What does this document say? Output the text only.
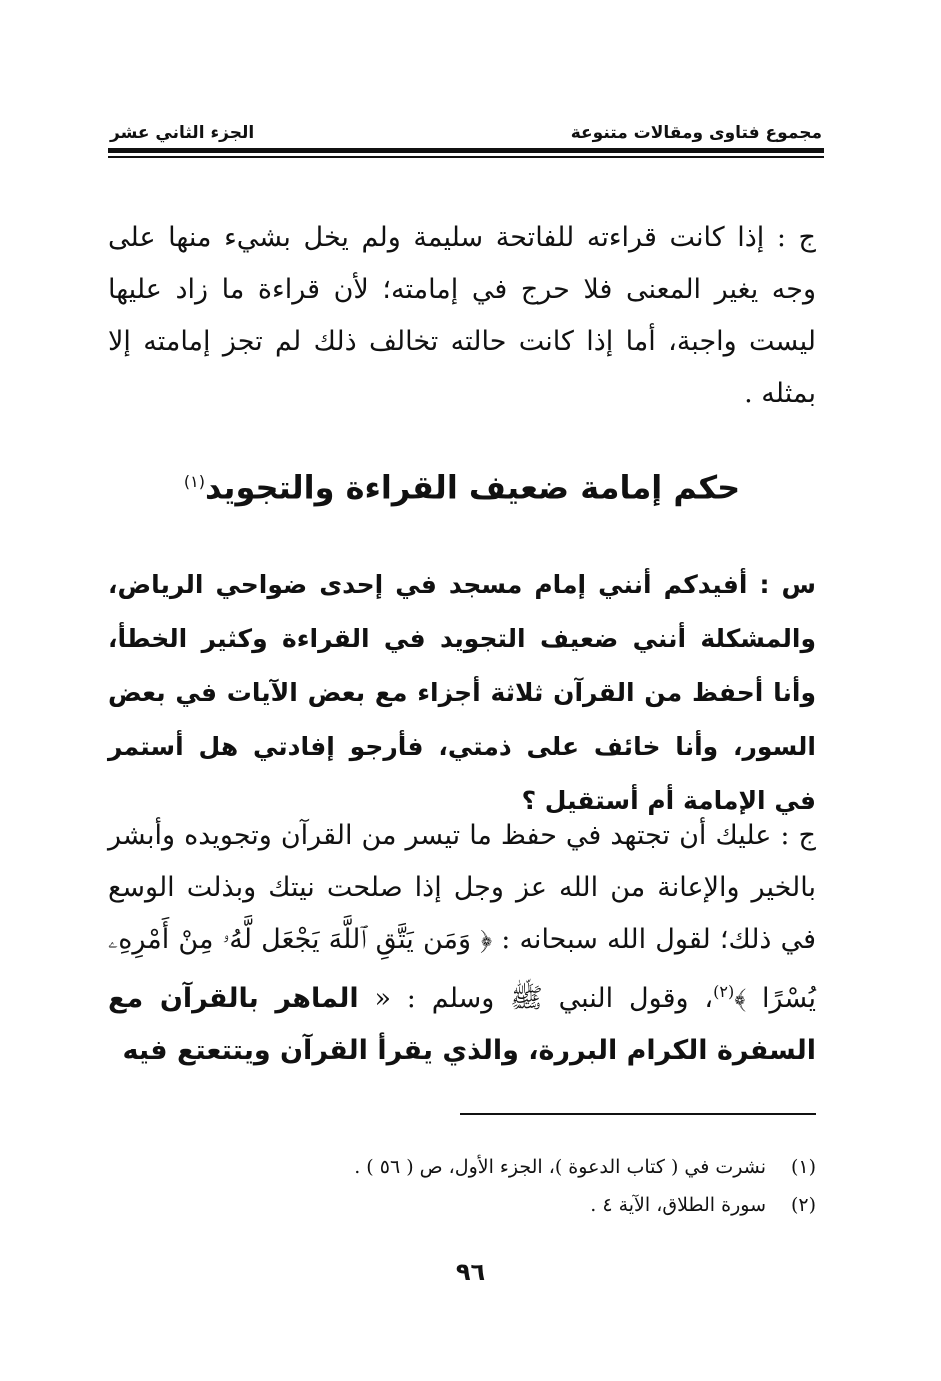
مجموع فتاوى ومقالات متنوعة
الجزء الثاني عشر
ج : إذا كانت قراءته للفاتحة سليمة ولم يخل بشيء منها على وجه يغير المعنى فلا حرج في إمامته؛ لأن قراءة ما زاد عليها ليست واجبة، أما إذا كانت حالته تخالف ذلك لم تجز إمامته إلا بمثله .
حكم إمامة ضعيف القراءة والتجويد$^{(١)}$
س : أفيدكم أنني إمام مسجد في إحدى ضواحي الرياض، والمشكلة أنني ضعيف التجويد في القراءة وكثير الخطأ، وأنا أحفظ من القرآن ثلاثة أجزاء مع بعض الآيات في بعض السور، وأنا خائف على ذمتي، فأرجو إفادتي هل أستمر في الإمامة أم أستقيل ؟
ج : عليك أن تجتهد في حفظ ما تيسر من القرآن وتجويده وأبشر بالخير والإعانة من الله عز وجل إذا صلحت نيتك وبذلت الوسع في ذلك؛ لقول الله سبحانه : ﴿ وَمَن يَتَّقِ ٱللَّهَ يَجْعَل لَّهُۥ مِنْ أَمْرِهِۦ يُسْرًا ﴾$^{(٢)}$، وقول النبي ﷺ وسلم : « الماهر بالقرآن مع السفرة الكرام البررة، والذي يقرأ القرآن ويتتعتع فيه
(١)
نشرت في ( كتاب الدعوة )، الجزء الأول، ص ( ٥٦ ) .
(٢)
سورة الطلاق، الآية ٤ .
٩٦
